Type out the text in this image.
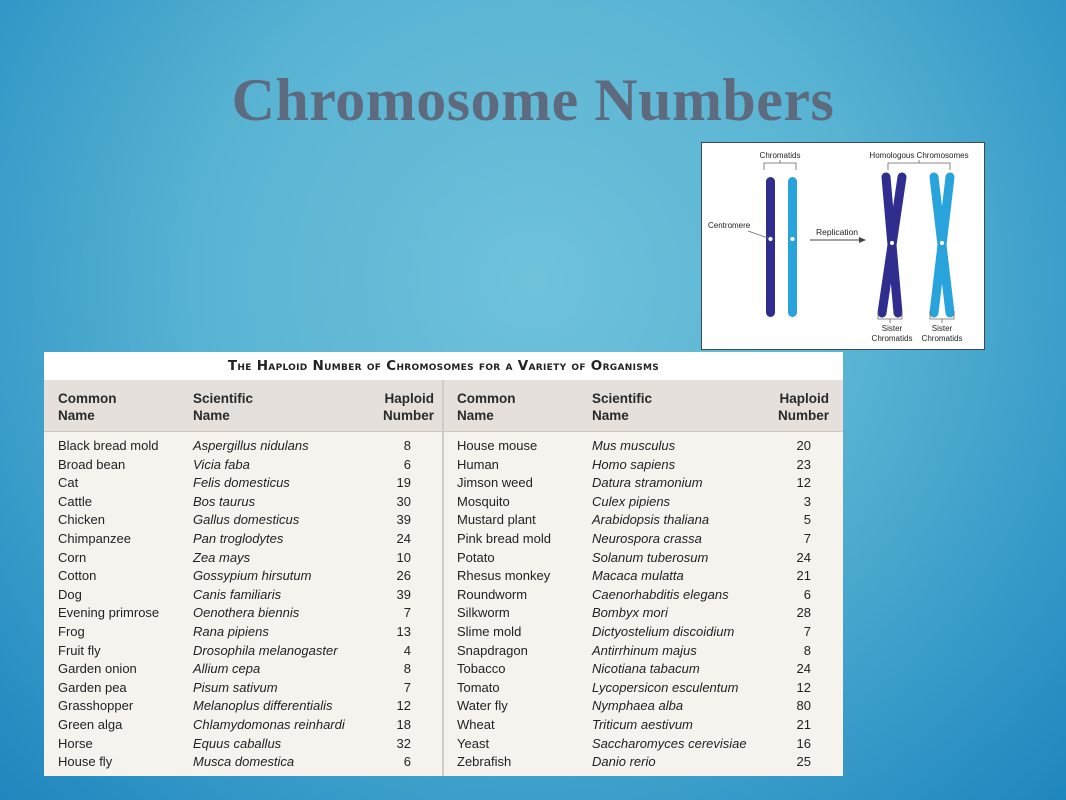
Chromosome Numbers
Chromatids	Homologous Chromosomes
Centromere
Replication
Sister
Chromatids
Sister
Chromatids
The Haploid Number of Chromosomes for a Variety of Organisms
Common
Name
Scientific
Name
Haploid
Number
Common
Name
Scientific
Name
Haploid
Number
Black bread mold	Aspergillus nidulans	8	House mouse	Mus musculus	20
Broad bean	Vicia faba	6	Human	Homo sapiens	23
Cat	Felis domesticus	19	Jimson weed	Datura stramonium	12
Cattle	Bos taurus	30	Mosquito	Culex pipiens	3
Chicken	Gallus domesticus	39	Mustard plant	Arabidopsis thaliana	5
Chimpanzee	Pan troglodytes	24	Pink bread mold	Neurospora crassa	7
Corn	Zea mays	10	Potato	Solanum tuberosum	24
Cotton	Gossypium hirsutum	26	Rhesus monkey	Macaca mulatta	21
Dog	Canis familiaris	39	Roundworm	Caenorhabditis elegans	6
Evening primrose	Oenothera biennis	7	Silkworm	Bombyx mori	28
Frog	Rana pipiens	13	Slime mold	Dictyostelium discoidium	7
Fruit fly	Drosophila melanogaster	4	Snapdragon	Antirrhinum majus	8
Garden onion	Allium cepa	8	Tobacco	Nicotiana tabacum	24
Garden pea	Pisum sativum	7	Tomato	Lycopersicon esculentum	12
Grasshopper	Melanoplus differentialis	12	Water fly	Nymphaea alba	80
Green alga	Chlamydomonas reinhardi	18	Wheat	Triticum aestivum	21
Horse	Equus caballus	32	Yeast	Saccharomyces cerevisiae	16
House fly	Musca domestica	6	Zebrafish	Danio rerio	25
